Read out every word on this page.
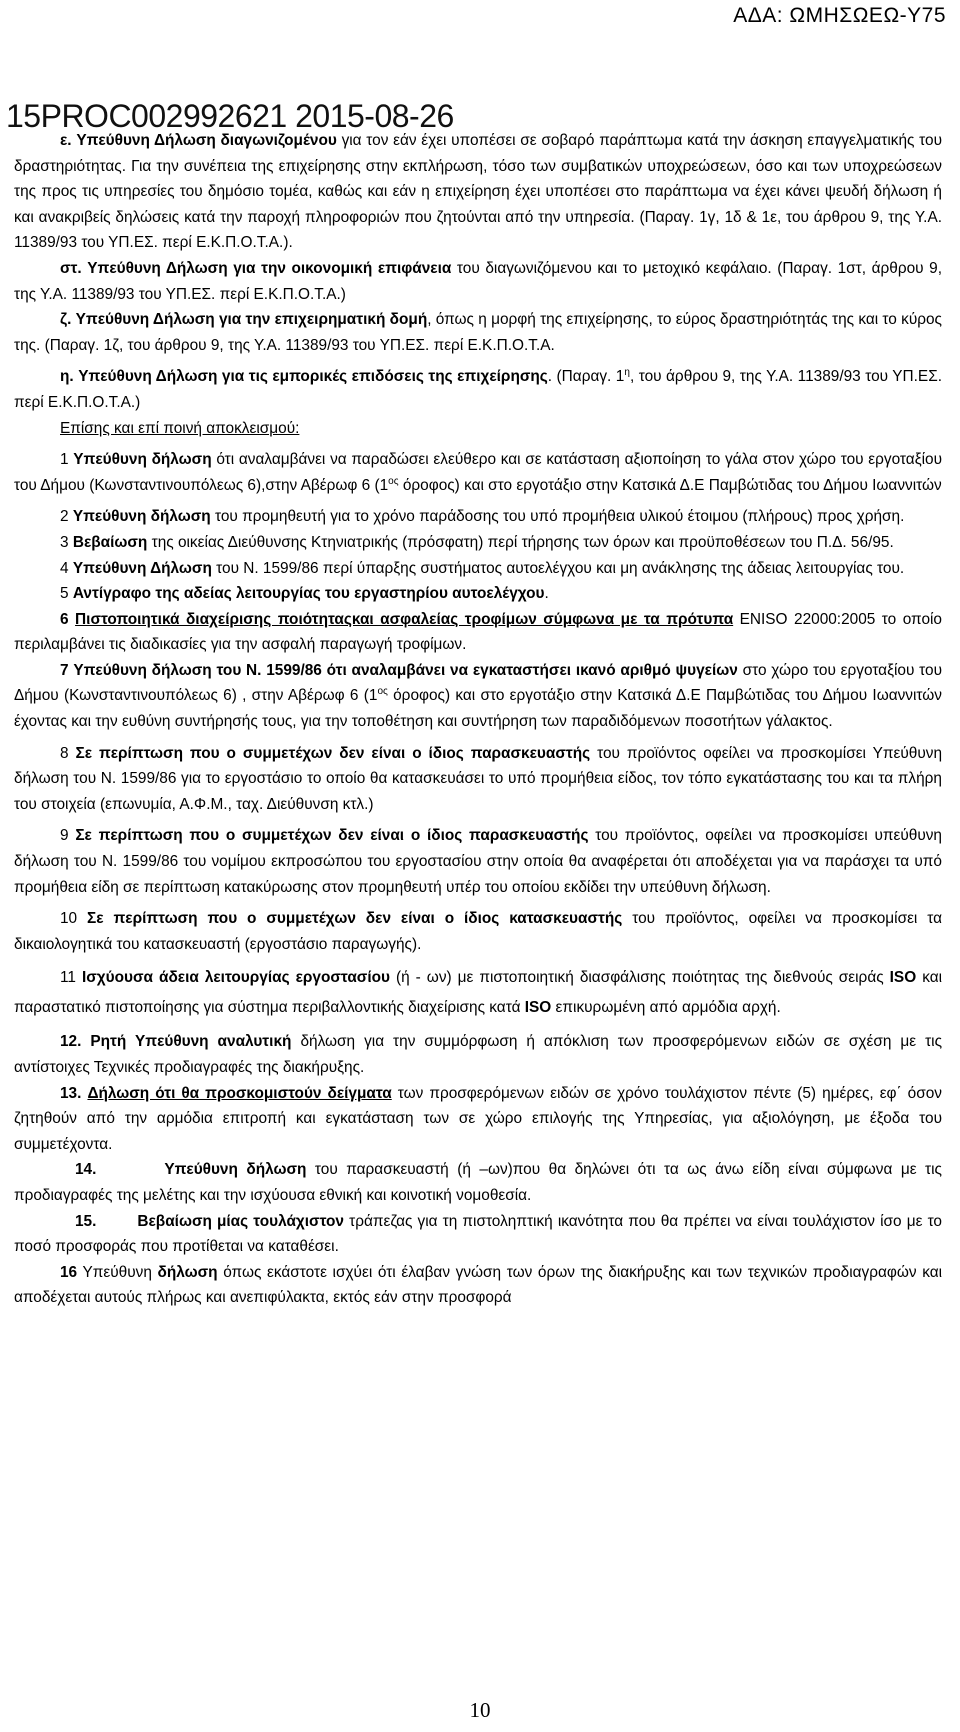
ΑΔΑ: ΩΜΗΣΩΕΩ-Υ75
15PROC002992621 2015-08-26

ε. Υπεύθυνη Δήλωση διαγωνιζομένου για τον εάν έχει υποπέσει σε σοβαρό παράπτωμα κατά την άσκηση επαγγελματικής του δραστηριότητας. Για την συνέπεια της επιχείρησης στην εκπλήρωση, τόσο των συμβατικών υποχρεώσεων, όσο και των υποχρεώσεων της προς τις υπηρεσίες του δημόσιο τομέα, καθώς και εάν η επιχείρηση έχει υποπέσει στο παράπτωμα να έχει κάνει ψευδή δήλωση ή και ανακριβείς δηλώσεις κατά την παροχή πληροφοριών που ζητούνται από την υπηρεσία. (Παραγ. 1γ, 1δ & 1ε, του άρθρου 9, της Υ.Α. 11389/93 του ΥΠ.ΕΣ. περί Ε.Κ.Π.Ο.Τ.Α.).

στ. Υπεύθυνη Δήλωση για την οικονομική επιφάνεια του διαγωνιζόμενου και το μετοχικό κεφάλαιο. (Παραγ. 1στ, άρθρου 9, της Υ.Α. 11389/93 του ΥΠ.ΕΣ. περί Ε.Κ.Π.Ο.Τ.Α.)

ζ. Υπεύθυνη Δήλωση για την επιχειρηματική δομή, όπως η μορφή της επιχείρησης, το εύρος δραστηριότητάς της και το κύρος της. (Παραγ. 1ζ, του άρθρου 9, της Υ.Α. 11389/93 του ΥΠ.ΕΣ. περί Ε.Κ.Π.Ο.Τ.Α.

η. Υπεύθυνη Δήλωση για τις εμπορικές επιδόσεις της επιχείρησης. (Παραγ. $1^\eta$, του άρθρου 9, της Υ.Α. 11389/93 του ΥΠ.ΕΣ. περί Ε.Κ.Π.Ο.Τ.Α.)

Επίσης και επί ποινή αποκλεισμού:

1 Υπεύθυνη δήλωση ότι αναλαμβάνει να παραδώσει ελεύθερο και σε κατάσταση αξιοποίηση το γάλα στον χώρο του εργοταξίου του Δήμου (Κωνσταντινουπόλεως 6),στην Αβέρωφ 6 ($1^{o\varsigma}$ όροφος) και στο εργοτάξιο στην Κατσικά Δ.Ε Παμβώτιδας του Δήμου Ιωαννιτών

2 Υπεύθυνη δήλωση του προμηθευτή για το χρόνο παράδοσης του υπό προμήθεια υλικού έτοιμου (πλήρους) προς χρήση.

3 Βεβαίωση της οικείας Διεύθυνσης Κτηνιατρικής (πρόσφατη) περί τήρησης των όρων και προϋποθέσεων του Π.Δ. 56/95.

4 Υπεύθυνη Δήλωση του Ν. 1599/86 περί ύπαρξης συστήματος αυτοελέγχου και μη ανάκλησης της άδειας λειτουργίας του.

5 Αντίγραφο της αδείας λειτουργίας του εργαστηρίου αυτοελέγχου.

6 Πιστοποιητικά διαχείρισης ποιότηταςκαι ασφαλείας τροφίμων σύμφωνα με τα πρότυπα ΕΝΙSO 22000:2005 το οποίο περιλαμβάνει τις διαδικασίες για την ασφαλή παραγωγή τροφίμων.

7 Υπεύθυνη δήλωση του Ν. 1599/86 ότι αναλαμβάνει να εγκαταστήσει ικανό αριθμό ψυγείων στο χώρο του εργοταξίου του Δήμου (Κωνσταντινουπόλεως 6) , στην Αβέρωφ 6 ($1^{o\varsigma}$ όροφος) και στο εργοτάξιο στην Κατσικά Δ.Ε Παμβώτιδας του Δήμου Ιωαννιτών έχοντας και την ευθύνη συντήρησής τους, για την τοποθέτηση και συντήρηση των παραδιδόμενων ποσοτήτων γάλακτος.

8 Σε περίπτωση που ο συμμετέχων δεν είναι ο ίδιος παρασκευαστής του προϊόντος οφείλει να προσκομίσει Υπεύθυνη δήλωση του Ν. 1599/86 για το εργοστάσιο το οποίο θα κατασκευάσει το υπό προμήθεια είδος, τον τόπο εγκατάστασης του και τα πλήρη του στοιχεία (επωνυμία, Α.Φ.Μ., ταχ. Διεύθυνση κτλ.)

9 Σε περίπτωση που ο συμμετέχων δεν είναι ο ίδιος παρασκευαστής του προϊόντος, οφείλει να προσκομίσει υπεύθυνη δήλωση του Ν. 1599/86 του νομίμου εκπροσώπου του εργοστασίου στην οποία θα αναφέρεται ότι αποδέχεται για να παράσχει τα υπό προμήθεια είδη σε περίπτωση κατακύρωσης στον προμηθευτή υπέρ του οποίου εκδίδει την υπεύθυνη δήλωση.

10 Σε περίπτωση που ο συμμετέχων δεν είναι ο ίδιος κατασκευαστής του προϊόντος, οφείλει να προσκομίσει τα δικαιολογητικά του κατασκευαστή (εργοστάσιο παραγωγής).

11 Ισχύουσα άδεια λειτουργίας εργοστασίου (ή - ων) με πιστοποιητική διασφάλισης ποιότητας της διεθνούς σειράς ISO και παραστατικό πιστοποίησης για σύστημα περιβαλλοντικής διαχείρισης κατά ISO επικυρωμένη από αρμόδια αρχή.

12. Ρητή Υπεύθυνη αναλυτική δήλωση για την συμμόρφωση ή απόκλιση των προσφερόμενων ειδών σε σχέση με τις αντίστοιχες Τεχνικές προδιαγραφές της διακήρυξης.

13. Δήλωση ότι θα προσκομιστούν δείγματα των προσφερόμενων ειδών σε χρόνο τουλάχιστον πέντε (5) ημέρες, εφ΄ όσον ζητηθούν από την αρμόδια επιτροπή και εγκατάσταση των σε χώρο επιλογής της Υπηρεσίας, για αξιολόγηση, με έξοδα του συμμετέχοντα.

14.	Υπεύθυνη δήλωση του παρασκευαστή (ή –ων)που θα δηλώνει ότι τα ως άνω είδη είναι σύμφωνα με τις προδιαγραφές της μελέτης και την ισχύουσα εθνική και κοινοτική νομοθεσία.

15.	Βεβαίωση μίας τουλάχιστον τράπεζας για τη πιστοληπτική ικανότητα που θα πρέπει να είναι τουλάχιστον ίσο με το ποσό προσφοράς που προτίθεται να καταθέσει.

16 Υπεύθυνη δήλωση όπως εκάστοτε ισχύει ότι έλαβαν γνώση των όρων της διακήρυξης και των τεχνικών προδιαγραφών και αποδέχεται αυτούς πλήρως και ανεπιφύλακτα, εκτός εάν στην προσφορά

10
